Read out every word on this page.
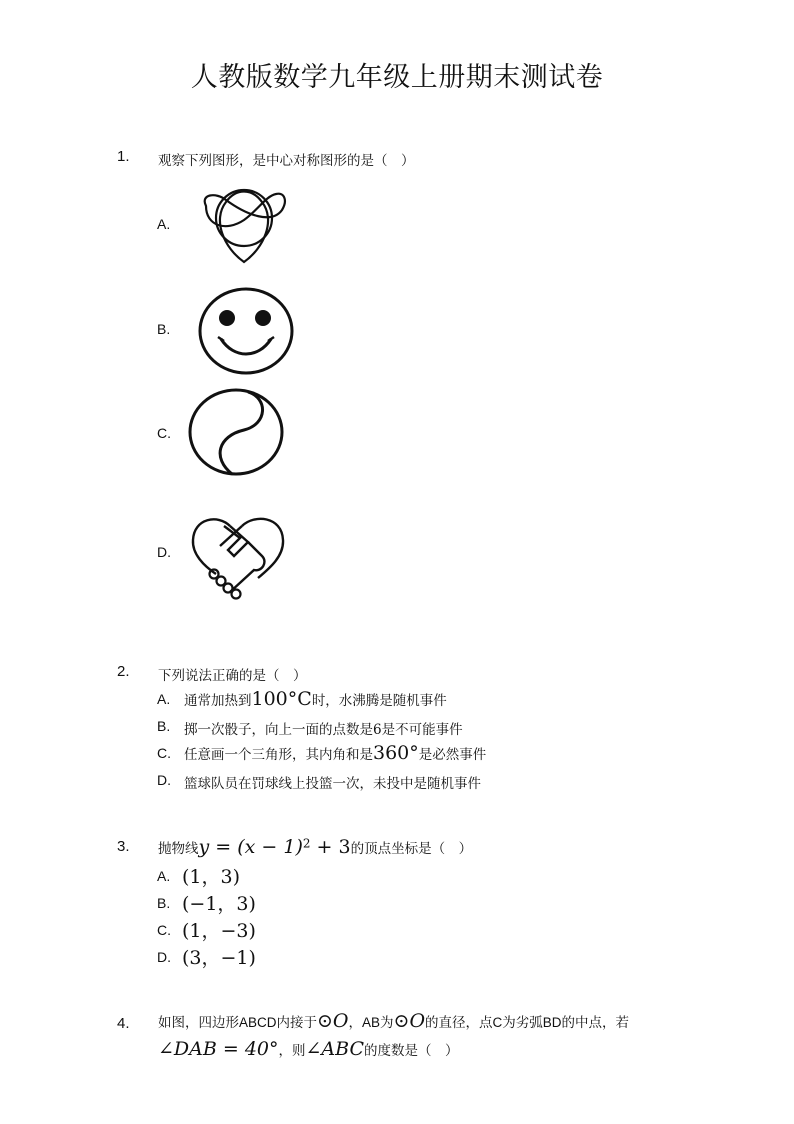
人教版数学九年级上册期末测试卷
1. 观察下列图形，是中心对称图形的是（　）
A.
B.
C.
D.
2. 下列说法正确的是（　）
A. 通常加热到100°C时，水沸腾是随机事件
B. 掷一次骰子，向上一面的点数是6是不可能事件
C. 任意画一个三角形，其内角和是360°是必然事件
D. 篮球队员在罚球线上投篮一次，未投中是随机事件
3. 抛物线$y = (x - 1)^2 + 3$的顶点坐标是（　）
A. (1，3)
B. (−1，3)
C. (1，−3)
D. (3，−1)
4. 如图，四边形ABCD内接于⊙O，AB为⊙O的直径，点C为劣弧BD的中点，若
∠DAB = 40°，则∠ABC的度数是（　）
